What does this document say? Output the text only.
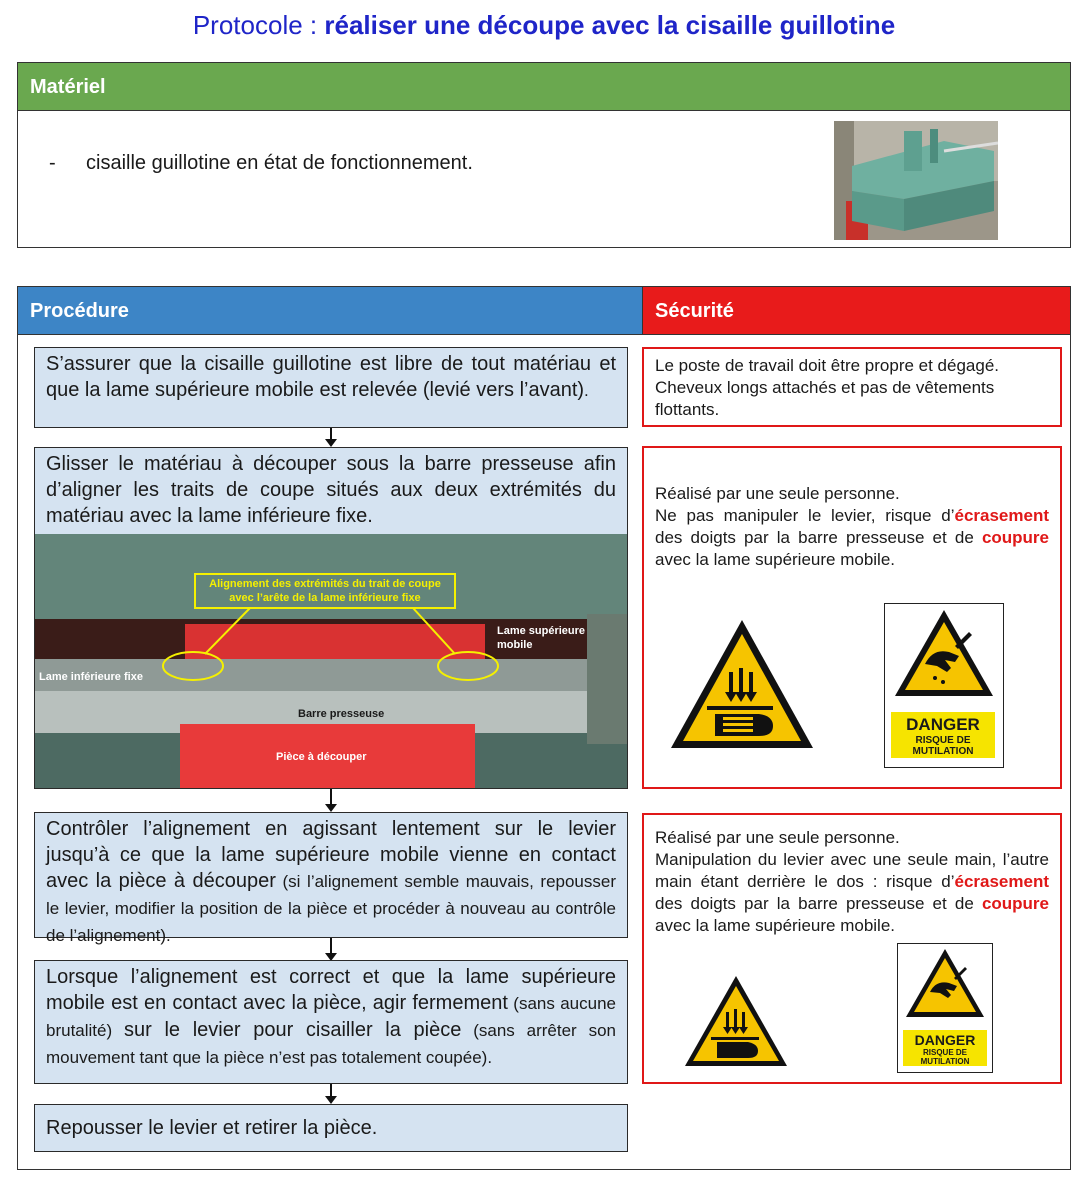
Protocole : réaliser une découpe avec la cisaille guillotine
Matériel
- cisaille guillotine en état de fonctionnement.
Procédure	Sécurité
S’assurer que la cisaille guillotine est libre de tout matériau et que la lame supérieure mobile est relevée (levié vers l’avant).
Glisser le matériau à découper sous la barre presseuse afin d’aligner les traits de coupe situés aux deux extrémités du matériau avec la lame inférieure fixe.
Alignement des extrémités du trait de coupe avec l’arête de la lame inférieure fixe
Lame supérieure mobile
Lame inférieure fixe
Barre presseuse
Pièce à découper
Contrôler l’alignement en agissant lentement sur le levier jusqu’à ce que la lame supérieure mobile vienne en contact avec la pièce à découper (si l’alignement semble mauvais, repousser le levier, modifier la position de la pièce et procéder à nouveau au contrôle de l’alignement).
Lorsque l’alignement est correct et que la lame supérieure mobile est en contact avec la pièce, agir fermement (sans aucune brutalité) sur le levier pour cisailler la pièce (sans arrêter son mouvement tant que la pièce n’est pas totalement coupée).
Repousser le levier et retirer la pièce.
Le poste de travail doit être propre et dégagé. Cheveux longs attachés et pas de vêtements flottants.
Réalisé par une seule personne.
Ne pas manipuler le levier, risque d’écrasement des doigts par la barre presseuse et de coupure avec la lame supérieure mobile.
DANGER
RISQUE DE MUTILATION
Réalisé par une seule personne.
Manipulation du levier avec une seule main, l’autre main étant derrière le dos : risque d’écrasement des doigts par la barre presseuse et de coupure avec la lame supérieure mobile.
DANGER
RISQUE DE MUTILATION
